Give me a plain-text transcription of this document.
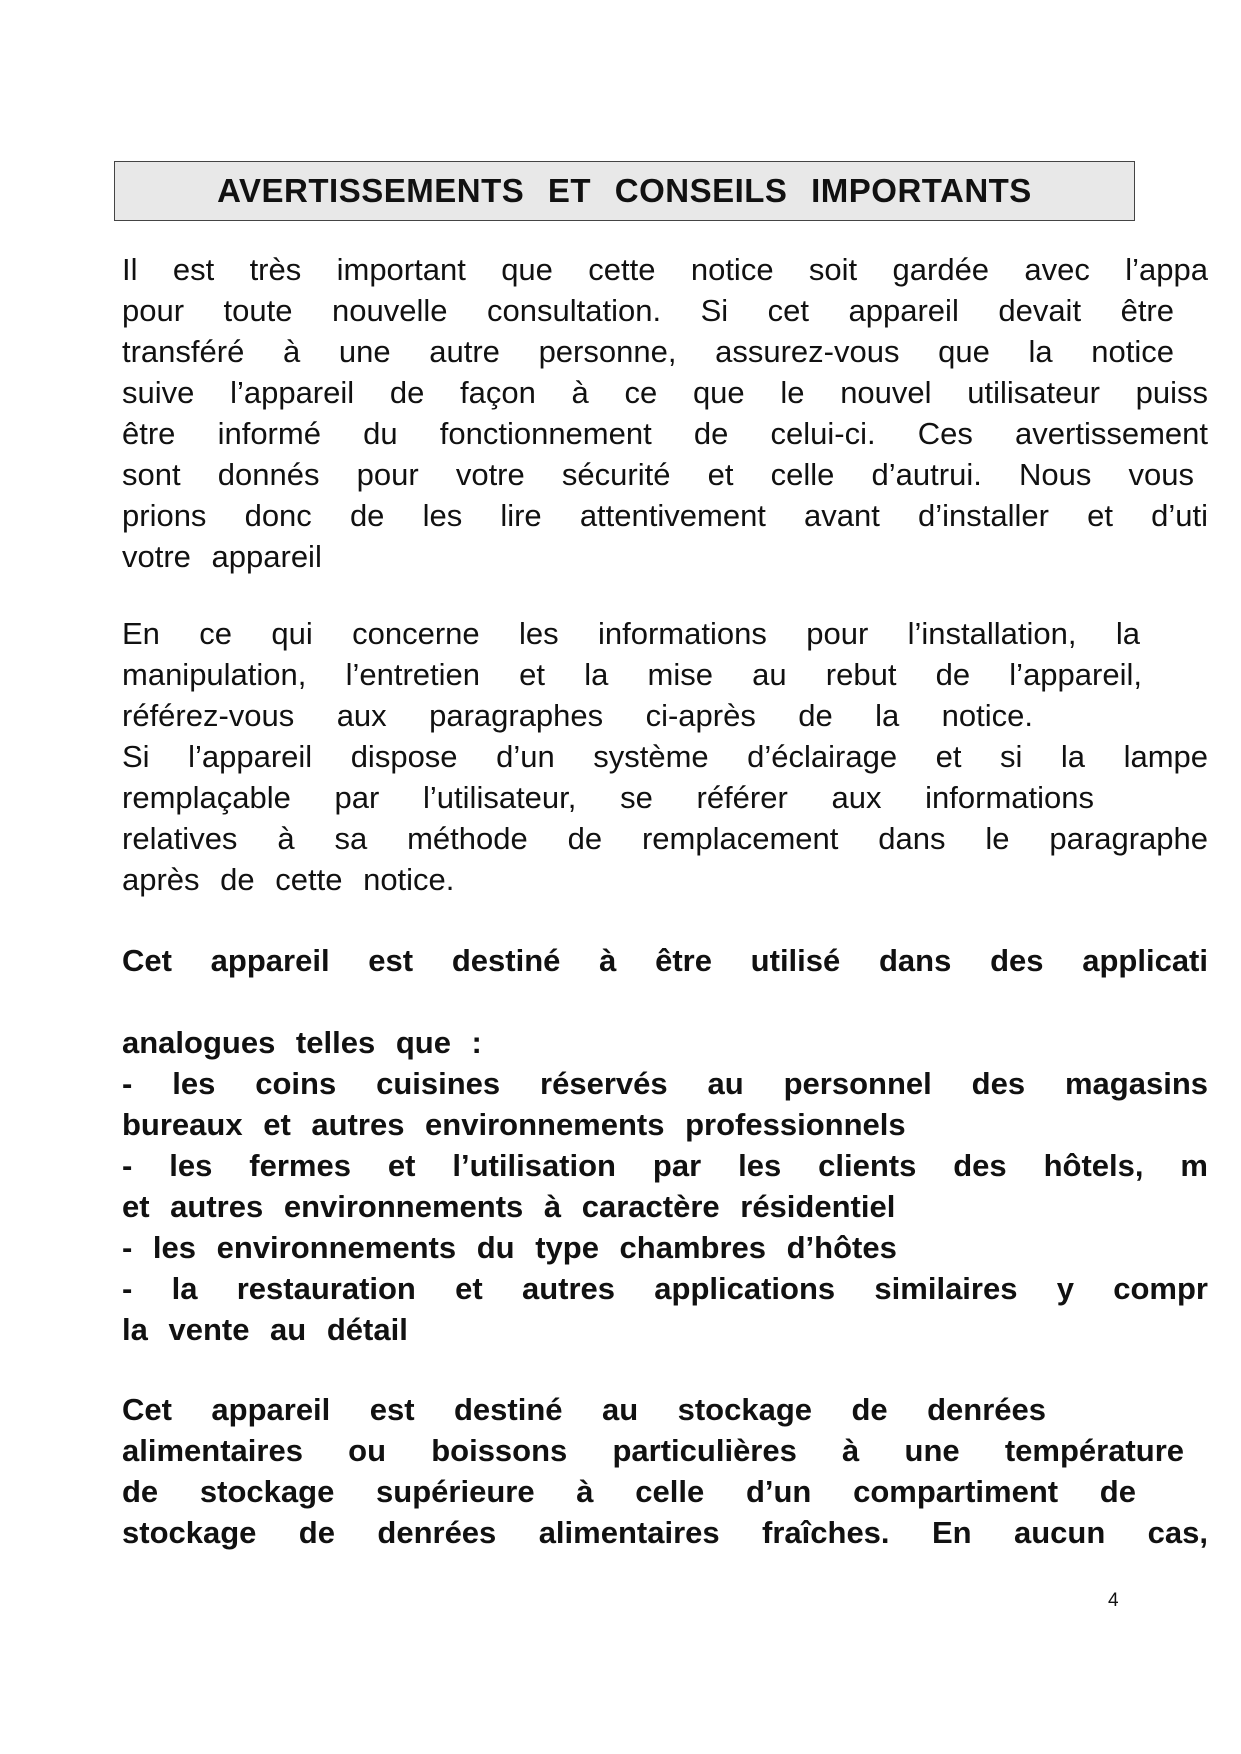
AVERTISSEMENTS ET CONSEILS IMPORTANTS
Il est très important que cette notice soit gardée avec l’appa
pour toute nouvelle consultation. Si cet appareil devait être
transféré à une autre personne, assurez-vous que la notice
suive l’appareil de façon à ce que le nouvel utilisateur puiss
être informé du fonctionnement de celui-ci. Ces avertissement
sont donnés pour votre sécurité et celle d’autrui. Nous vous
prions donc de les lire attentivement avant d’installer et d’uti
votre appareil
En ce qui concerne les informations pour l’installation, la
manipulation, l’entretien et la mise au rebut de l’appareil,
référez-vous aux paragraphes ci-après de la notice.
Si l’appareil dispose d’un système d’éclairage et si la lampe
remplaçable par l’utilisateur, se référer aux informations
relatives à sa méthode de remplacement dans le paragraphe
après de cette notice.
Cet appareil est destiné à être utilisé dans des applicati

analogues telles que :
- les coins cuisines réservés au personnel des magasins
bureaux et autres environnements professionnels
- les fermes et l’utilisation par les clients des hôtels, m
et autres environnements à caractère résidentiel
- les environnements du type chambres d’hôtes
- la restauration et autres applications similaires y compr
la vente au détail
Cet appareil est destiné au stockage de denrées
alimentaires ou boissons particulières à une température
de stockage supérieure à celle d’un compartiment de
stockage de denrées alimentaires fraîches. En aucun cas,
4
